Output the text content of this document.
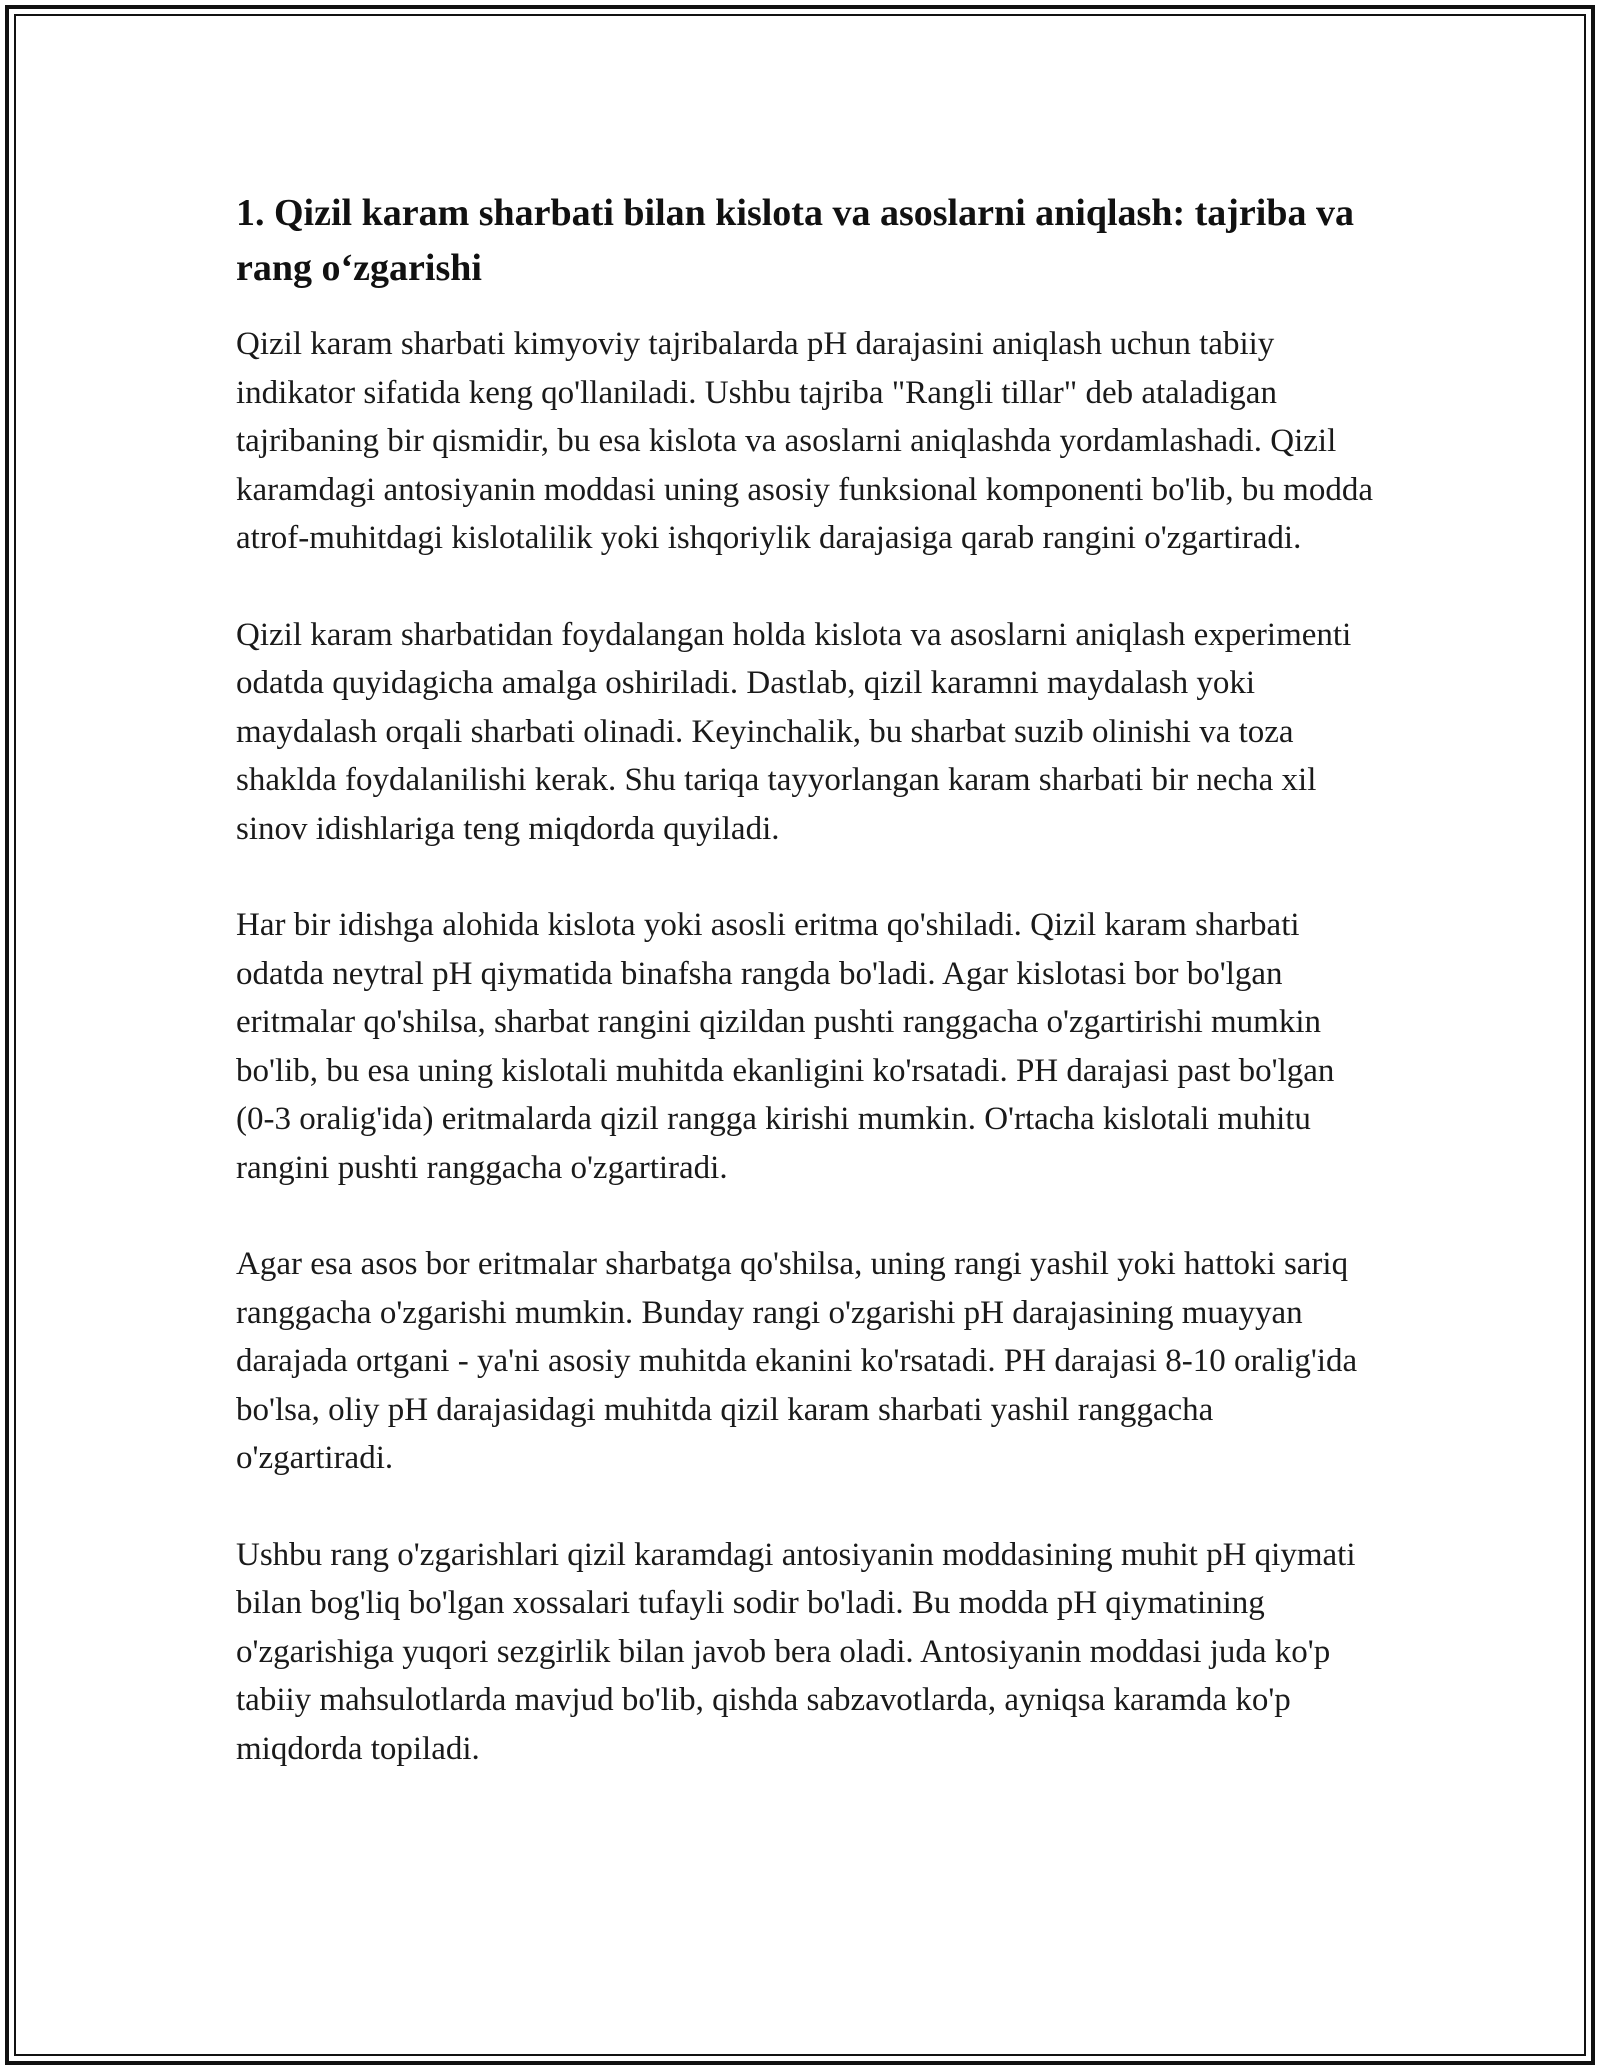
1. Qizil karam sharbati bilan kislota va asoslarni aniqlash: tajriba va rang oʻzgarishi

Qizil karam sharbati kimyoviy tajribalarda pH darajasini aniqlash uchun tabiiy indikator sifatida keng qo'llaniladi. Ushbu tajriba "Rangli tillar" deb ataladigan tajribaning bir qismidir, bu esa kislota va asoslarni aniqlashda yordamlashadi. Qizil karamdagi antosiyanin moddasi uning asosiy funksional komponenti bo'lib, bu modda atrof-muhitdagi kislotalilik yoki ishqoriylik darajasiga qarab rangini o'zgartiradi.

Qizil karam sharbatidan foydalangan holda kislota va asoslarni aniqlash experimenti odatda quyidagicha amalga oshiriladi. Dastlab, qizil karamni maydalash yoki maydalash orqali sharbati olinadi. Keyinchalik, bu sharbat suzib olinishi va toza shaklda foydalanilishi kerak. Shu tariqa tayyorlangan karam sharbati bir necha xil sinov idishlariga teng miqdorda quyiladi.

Har bir idishga alohida kislota yoki asosli eritma qo'shiladi. Qizil karam sharbati odatda neytral pH qiymatida binafsha rangda bo'ladi. Agar kislotasi bor bo'lgan eritmalar qo'shilsa, sharbat rangini qizildan pushti ranggacha o'zgartirishi mumkin bo'lib, bu esa uning kislotali muhitda ekanligini ko'rsatadi. PH darajasi past bo'lgan (0-3 oralig'ida) eritmalarda qizil rangga kirishi mumkin. O'rtacha kislotali muhitu rangini pushti ranggacha o'zgartiradi.

Agar esa asos bor eritmalar sharbatga qo'shilsa, uning rangi yashil yoki hattoki sariq ranggacha o'zgarishi mumkin. Bunday rangi o'zgarishi pH darajasining muayyan darajada ortgani - ya'ni asosiy muhitda ekanini ko'rsatadi. PH darajasi 8-10 oralig'ida bo'lsa, oliy pH darajasidagi muhitda qizil karam sharbati yashil ranggacha o'zgartiradi.

Ushbu rang o'zgarishlari qizil karamdagi antosiyanin moddasining muhit pH qiymati bilan bog'liq bo'lgan xossalari tufayli sodir bo'ladi. Bu modda pH qiymatining o'zgarishiga yuqori sezgirlik bilan javob bera oladi. Antosiyanin moddasi juda ko'p tabiiy mahsulotlarda mavjud bo'lib, qishda sabzavotlarda, ayniqsa karamda ko'p miqdorda topiladi.
